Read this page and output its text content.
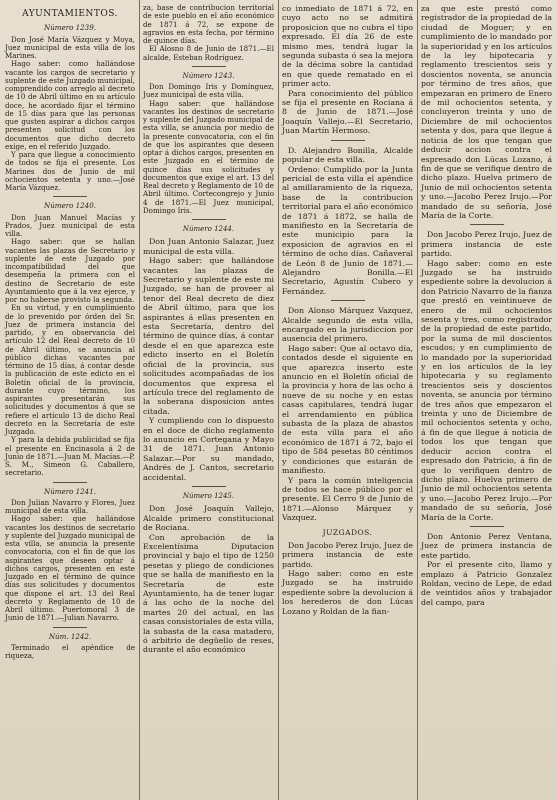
AYUNTAMIENTOS.
Número 1239.

Don José María Vázquez y Moya, Juez municipal de esta villa de los Marines.

Hago saber: como hallándose vacante los cargos de secretario y suplente de este Juzgado municipal, comprendido con arreglo al decreto de 10 de Abril último en su artículo doce, he acordado fijar el término de 15 días para que las personas que gusten aspirar a dichos cargos presenten solicitud con los documentos que dicho decreto exige, en el referido Juzgado.

Y para que llegue a conocimiento de todos se fija el presente. Los Marines dos de Junio de mil ochocientos setenta y uno.—José María Vázquez.

Número 1240.

Don Juan Manuel Macías y Prados, Juez municipal de esta villa.

Hago saber: que se hallan vacantes las plazas de Secretario y suplente de este Juzgado por incompatibilidad del que desempeña la primera con el destino de Secretario de este Ayuntamiento que á la vez ejerce, y por no haberse provisto la segunda.

En su virtud, y en cumplimiento de lo prevenido por órden del Sr. Juez de primera instancia del partido, y en observancia del artículo 12 del Real decreto de 10 de Abril último, se anuncia al público dichas vacantes por término de 15 días, á contar desde la publicación de este edicto en el Boletín oficial de la provincia, durante cuyo término, los aspirantes presentarán sus solicitudes y documentos á que se refiere el artículo 13 de dicho Real decreto en la Secretaría de este Juzgado.

Y para la debida publicidad se fija el presente en Encinasola á 2 de Junio de 1871.—Juan M. Macías.—P. S. M., Simeon G. Caballero, secretario.

Número 1241.

Don Julian Navarro y Flores, Juez municipal de esta villa.

Hago saber: que hallándose vacantes los destinos de secretario y suplente del Juzgado municipal de esta villa, se anuncia la presente convocatoria, con el fin de que los aspirantes que deseen optar á dichos cargos, presenten en este Juzgado en el término de quince días sus solicitudes y documentos que dispone el art. 13 del Real decreto y Reglamento de 10 de Abril último. Puertomoral 3 de Junio de 1871.—Julian Navarro.

Núm. 1242.

Terminado el apéndice de riqueza,

za, base de contribucion territorial de este pueblo en el año económico de 1871 á 72, se expone de agravios en esta fecha, por término de quince días.

El Alosno 8 de Junio de 1871.—El alcalde, Esteban Rodríguez.

Número 1243.

Don Domingo Iris y Domínguez, Juez municipal de esta villa.

Hago saber: que hallándose vacantes los destinos de secretario y suplente del Juzgado municipal de esta villa, se anuncia por medio de la presente convocatoria, con el fin de que los aspirantes que deseen optar á dichos cargos, presenten en este Juzgado en el término de quince días sus solicitudes y documentos que exige el art. 13 del Real decreto y Reglamento de 10 de Abril último. Cortecongrejo y Junio 4 de 1871.—El Juez municipal, Domingo Iris.

Número 1244.

Don Juan Antonio Salazar, Juez municipal de esta villa.

Hago saber: que hallándose vacantes las plazas de Secretario y suplente de este mi Juzgado, se han de proveer al tenor del Real decreto de diez de Abril último, para que los aspirantes á ellas presenten en esta Secretaría, dentro del término de quince días, á contar desde el en que aparezca este edicto inserto en el Boletín oficial de la provincia, sus solicitudes acompañadas de los documentos que expresa el artículo trece del reglamento de la soberana disposicion antes citada.

Y cumpliendo con lo dispuesto en el doce de dicho reglamento lo anuncio en Cortegana y Mayo 31 de 1871. Juan Antonio Salazar.—Por su mandado, Andrés de J. Cantos, secretario accidental.

Número 1245.

Don José Joaquín Vallejo, Alcalde primero constitucional de Rociana.

Con aprobación de la Excelentísima Diputacion provincial y bajo el tipo de 1250 pesetas y pliego de condiciones que se halla de manifiesto en la Secretaría de este Ayuntamiento, ha de tener lugar á las ocho de la noche del martes 20 del actual, en las casas consistoriales de esta villa, la subasta de la casa matadero, ó arbitrio de degüello de reses, durante el año económico

co inmediato de 1871 á 72, en cuyo acto no se admitirá proposicion que no cubra el tipo expresado. El día 26 de este mismo mes, tendrá lugar la segunda subasta ó sea la mejora de la décima sobre la cantidad en que quede rematado en el primer acto.

Para conocimiento del público se fija el presente en Rociana á 8 de Junio de 1871.—José Joaquín Vallejo.—El Secretario, Juan Martín Hermoso.

D. Alejandro Bonilla, Alcalde popular de esta villa.

Ordeno: Cumplido por la Junta pericial de esta villa el apéndice al amillaramiento de la riqueza, base de la contribucion territorial para el año económico de 1871 á 1872, se halla de manifiesto en la Secretaría de este municipio para la exposicion de agravios en el término de ocho días. Cañaveral de León 8 de Junio de 1871.—Alejandro Bonilla.—El Secretario, Agustín Cubero y Fernández.

Don Alonso Márquez Vazquez, Alcalde segundo de esta villa, encargado en la jurisdiccion por ausencia del primero.

Hago saber: Que al octavo día, contados desde el siguiente en que aparezca inserto este anuncio en el Boletín oficial de la provincia y hora de las ocho á nueve de su noche y en estas casas capitulares, tendrá lugar el arrendamiento en pública subasta de la plaza de abastos de esta villa para el año económico de 1871 á 72, bajo el tipo de 584 pesetas 80 céntimos y condiciones que estarán de manifiesto.

Y para la común inteligencia de todos se hace público por el presente. El Cerro 9 de Junio de 1871.—Alonso Márquez y Vazquez.

JUZGADOS.

Don Jacobo Perez Irujo, Juez de primera instancia de este partido.

Hago saber: como en este Juzgado se ha instruido espediente sobre la devolucion á los herederos de don Lúcas Lozano y Roldan de la fian-

za que este prestó como registrador de la propiedad de la ciudad de Moguer; y en cumplimiento de lo mandado por la superioridad y en los artículos de la ley hipotecaria y reglamento trescientos seis y doscientos noventa, se anuncia por término de tres años, que empezaran en primero de Enero de mil ochocientos setenta, y concluyeron treinta y uno de Diciembre de mil ochocientos setenta y dos, para que llegue á noticia de los que tengan que deducir accion contra el espresado don Lúcas Lozano, á fin de que se verifique dentro de dicho plazo. Huelva primero de Junio de mil ochocientos setenta y uno.—Jacobo Perez Irujo.—Por mandado de su señoría, José María de la Corte.

Don Jacobo Perez Irujo, Juez de primera instancia de este partido.

Hago saber: como en este Juzgado se ha instruido espediente sobre la devolucion á don Patricio Navarro de la fianza que prestó en veintinueve de enero de mil ochocientos sesenta y tres, como registrador de la propiedad de este partido, por la suma de mil doscientos escudos; y en cumplimiento de lo mandado por la superioridad y en los artículos de la ley hipotecaria y su reglamento trescientos seis y doscientos noventa, se anuncia por término de tres años que empezaron el treinta y uno de Diciembre de mil ochocientos setenta y ocho, á fin de que llegue á noticia de todos los que tengan que deducir accion contra el espresado don Patricio, á fin de que lo verifiquen dentro de dicho plazo. Huelva primero de Junio de mil ochocientos setenta y uno.—Jacobo Perez Irujo.—Por mandado de su señoría, José María de la Corte.

Don Antonio Perez Ventana, Juez de primera instancia de este partido.

Por el presente cito, llamo y emplazo á Patricio Gonzalez Roldan, vecino de Lepe, de edad de veintidos años y trabajador del campo, para
